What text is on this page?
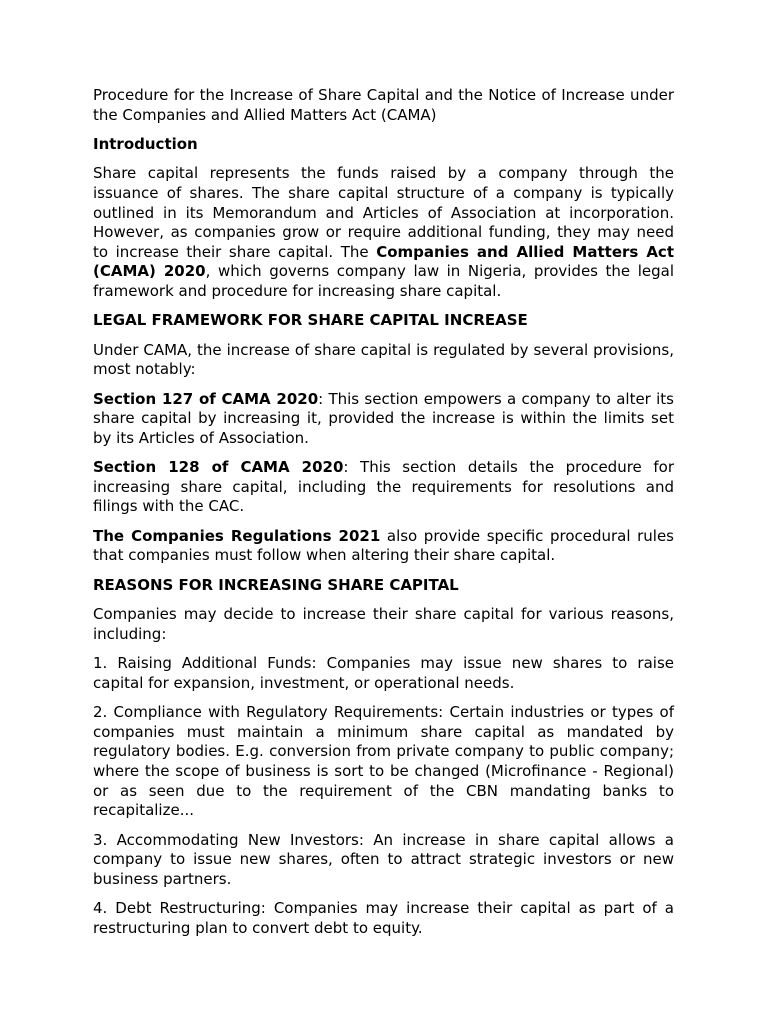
Procedure for the Increase of Share Capital and the Notice of Increase under the Companies and Allied Matters Act (CAMA)

Introduction

Share capital represents the funds raised by a company through the issuance of shares. The share capital structure of a company is typically outlined in its Memorandum and Articles of Association at incorporation. However, as companies grow or require additional funding, they may need to increase their share capital. The Companies and Allied Matters Act (CAMA) 2020, which governs company law in Nigeria, provides the legal framework and procedure for increasing share capital.

LEGAL FRAMEWORK FOR SHARE CAPITAL INCREASE

Under CAMA, the increase of share capital is regulated by several provisions, most notably:

Section 127 of CAMA 2020: This section empowers a company to alter its share capital by increasing it, provided the increase is within the limits set by its Articles of Association.

Section 128 of CAMA 2020: This section details the procedure for increasing share capital, including the requirements for resolutions and filings with the CAC.

The Companies Regulations 2021 also provide specific procedural rules that companies must follow when altering their share capital.

REASONS FOR INCREASING SHARE CAPITAL

Companies may decide to increase their share capital for various reasons, including:

1. Raising Additional Funds: Companies may issue new shares to raise capital for expansion, investment, or operational needs.

2. Compliance with Regulatory Requirements: Certain industries or types of companies must maintain a minimum share capital as mandated by regulatory bodies. E.g. conversion from private company to public company; where the scope of business is sort to be changed (Microfinance - Regional) or as seen due to the requirement of the CBN mandating banks to recapitalize...

3. Accommodating New Investors: An increase in share capital allows a company to issue new shares, often to attract strategic investors or new business partners.

4. Debt Restructuring: Companies may increase their capital as part of a restructuring plan to convert debt to equity.
